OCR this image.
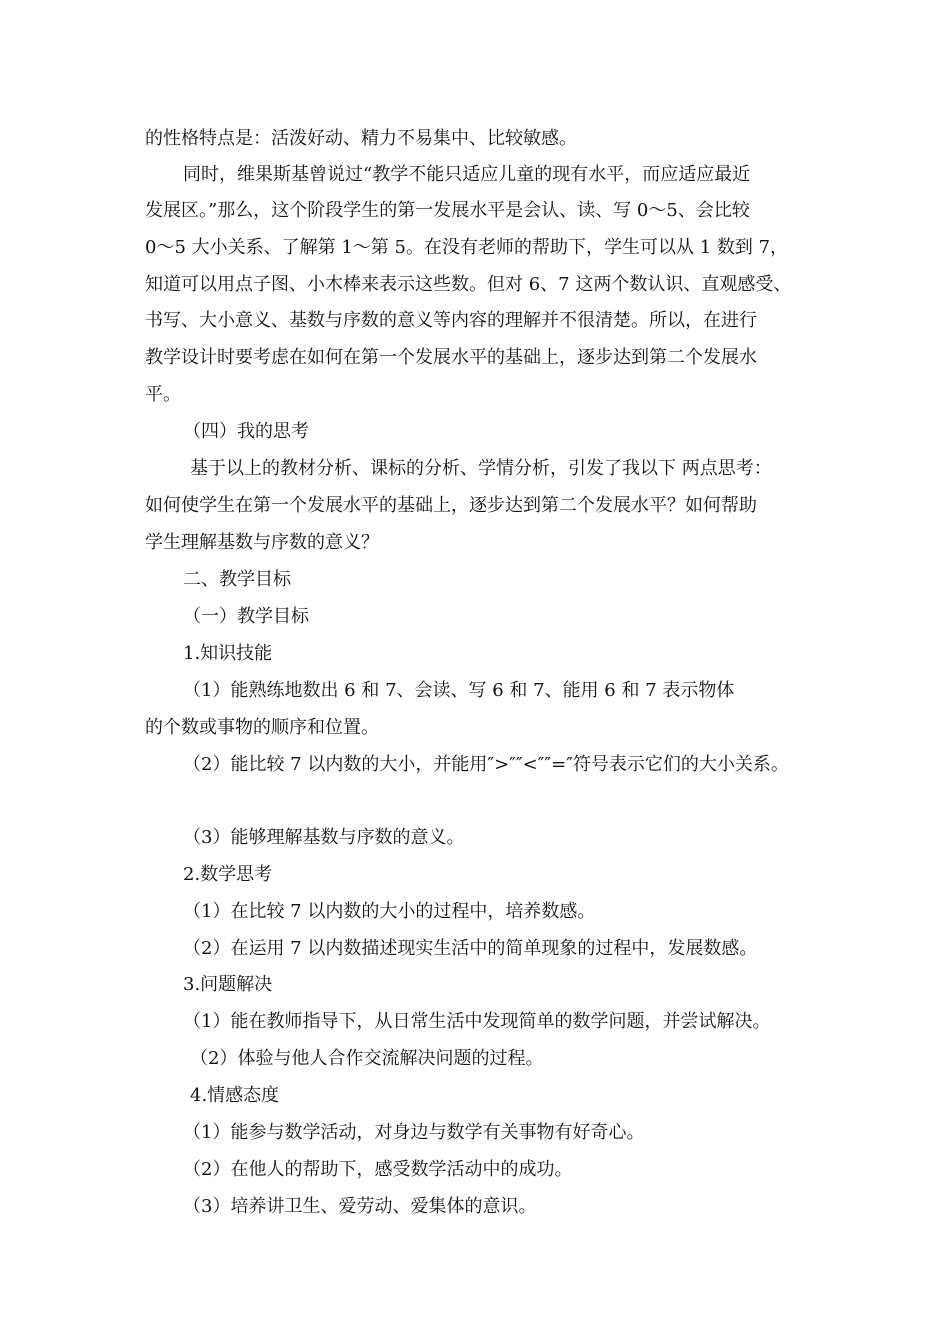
的性格特点是：活泼好动、精力不易集中、比较敏感。

同时，维果斯基曾说过“教学不能只适应儿童的现有水平，而应适应最近

发展区。”那么，这个阶段学生的第一发展水平是会认、读、写 0～5、会比较

0～5 大小关系、了解第 1～第 5。在没有老师的帮助下，学生可以从 1 数到 7，

知道可以用点子图、小木棒来表示这些数。但对 6、7 这两个数认识、直观感受、

书写、大小意义、基数与序数的意义等内容的理解并不很清楚。所以，在进行

教学设计时要考虑在如何在第一个发展水平的基础上，逐步达到第二个发展水

平。

（四）我的思考

基于以上的教材分析、课标的分析、学情分析，引发了我以下 两点思考：

如何使学生在第一个发展水平的基础上，逐步达到第二个发展水平？如何帮助

学生理解基数与序数的意义？

二、教学目标

（一）教学目标

1.知识技能

（1）能熟练地数出 6 和 7、会读、写 6 和 7、能用 6 和 7 表示物体

的个数或事物的顺序和位置。

（2）能比较 7 以内数的大小，并能用″>″″<″″=″符号表示它们的大小关系。

（3）能够理解基数与序数的意义。

2.数学思考

（1）在比较 7 以内数的大小的过程中，培养数感。

（2）在运用 7 以内数描述现实生活中的简单现象的过程中，发展数感。

3.问题解决

（1）能在教师指导下，从日常生活中发现简单的数学问题，并尝试解决。

（2）体验与他人合作交流解决问题的过程。

4.情感态度

（1）能参与数学活动，对身边与数学有关事物有好奇心。

（2）在他人的帮助下，感受数学活动中的成功。

（3）培养讲卫生、爱劳动、爱集体的意识。
